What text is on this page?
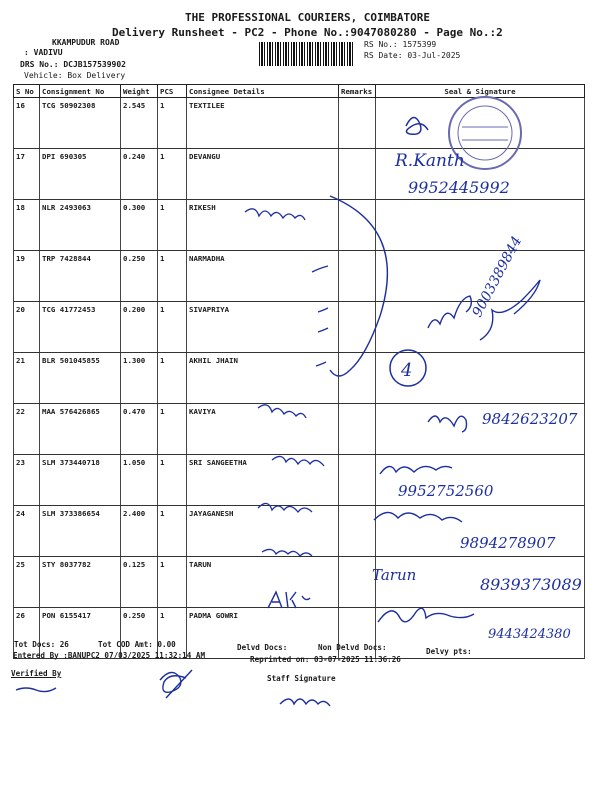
THE PROFESSIONAL COURIERS, COIMBATORE
Delivery Runsheet - PC2 - Phone No.:9047080280 - Page No.:2
KKAMPUDUR ROAD
: VADIVU
DRS No.: DCJB157539902
Vehicle: Box Delivery
RS No.: 1575399
RS Date: 03-Jul-2025
S No	Consignment No	Weight	PCS	Consignee Details	Remarks	Seal & Signature
16	TCG 50902308	2.545	1	TEXTILEE		
17	DPI 690305	0.240	1	DEVANGU		
18	NLR 2493063	0.300	1	RIKESH		
19	TRP 7428844	0.250	1	NARMADHA		
20	TCG 41772453	0.200	1	SIVAPRIYA		
21	BLR 501045855	1.300	1	AKHIL JHAIN		
22	MAA 576426865	0.470	1	KAVIYA		
23	SLM 373440718	1.050	1	SRI SANGEETHA		
24	SLM 373386654	2.400	1	JAYAGANESH		
25	STY 8037782	0.125	1	TARUN		
26	PON 6155417	0.250	1	PADMA GOWRI		
Tot Docs: 26	Tot COD Amt: 0.00	Delvd Docs:	Non Delvd Docs:	Delvy pts:
Entered By :BANUPC2 07/03/2025 11:32:14 AM	Reprinted on: 03-07-2025 11:36:26
Verified By
Staff Signature
R.Kanth
9952445992
9003389844
4
9842623207
9952752560
9894278907
Tarun	8939373089
9443424380
